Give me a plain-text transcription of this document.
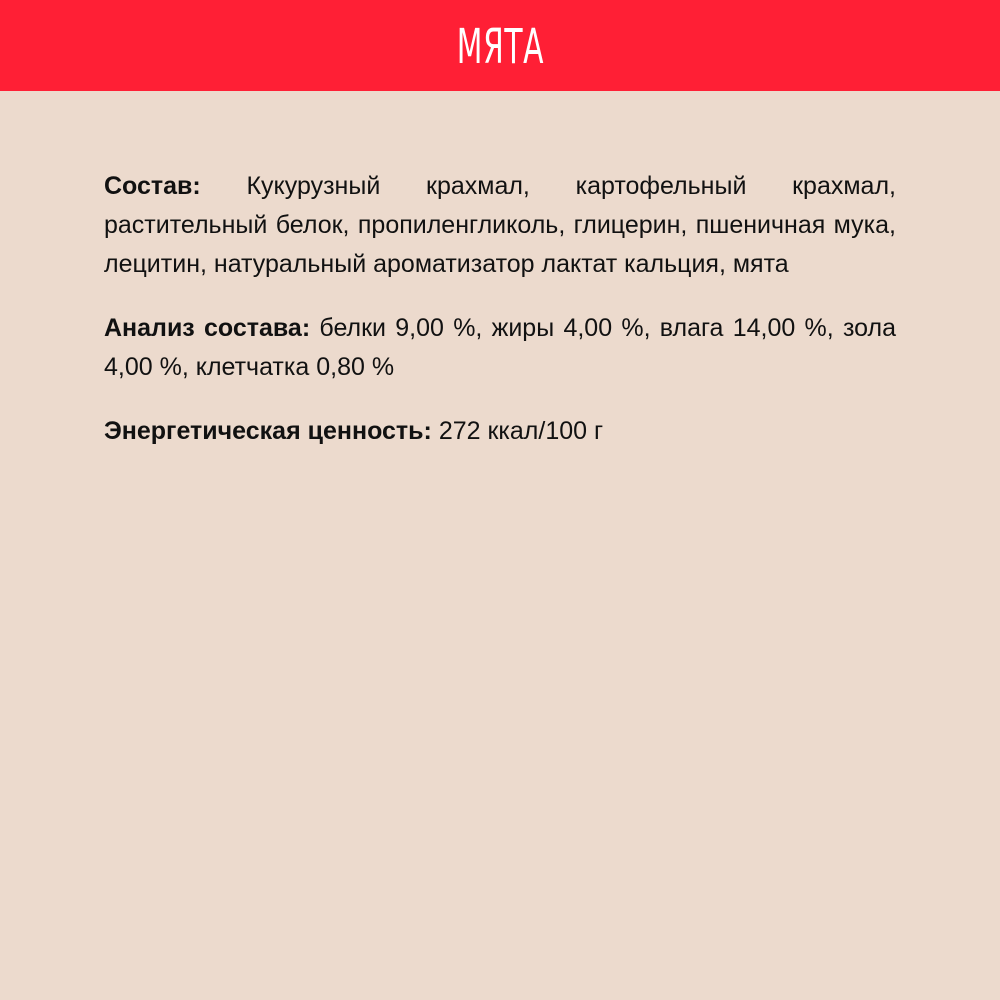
МЯТА

Состав: Кукурузный крахмал, картофельный крахмал, растительный белок, пропиленгликоль, глицерин, пшеничная мука, лецитин, натуральный ароматизатор лактат кальция, мята

Анализ состава: белки 9,00 %, жиры 4,00 %, влага 14,00 %, зола 4,00 %, клетчатка 0,80 %

Энергетическая ценность: 272 ккал/100 г
